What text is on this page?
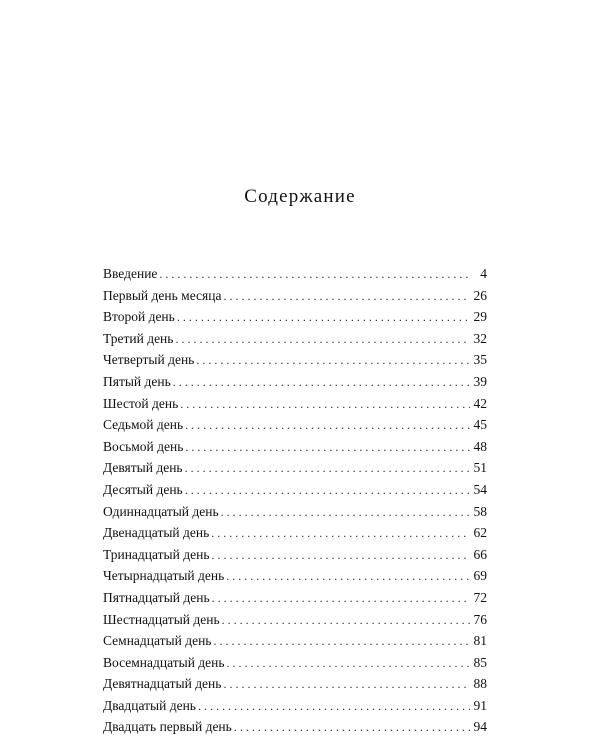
Содержание
Введение . . .	4
Первый день месяца . . .	26
Второй день . . .	29
Третий день . . .	32
Четвертый день . . .	35
Пятый день . . .	39
Шестой день . . .	42
Седьмой день . . .	45
Восьмой день . . .	48
Девятый день . . .	51
Десятый день . . .	54
Одиннадцатый день . . .	58
Двенадцатый день . . .	62
Тринадцатый день . . .	66
Четырнадцатый день . . .	69
Пятнадцатый день . . .	72
Шестнадцатый день . . .	76
Семнадцатый день . . .	81
Восемнадцатый день . . .	85
Девятнадцатый день . . .	88
Двадцатый день . . .	91
Двадцать первый день . . .	94
